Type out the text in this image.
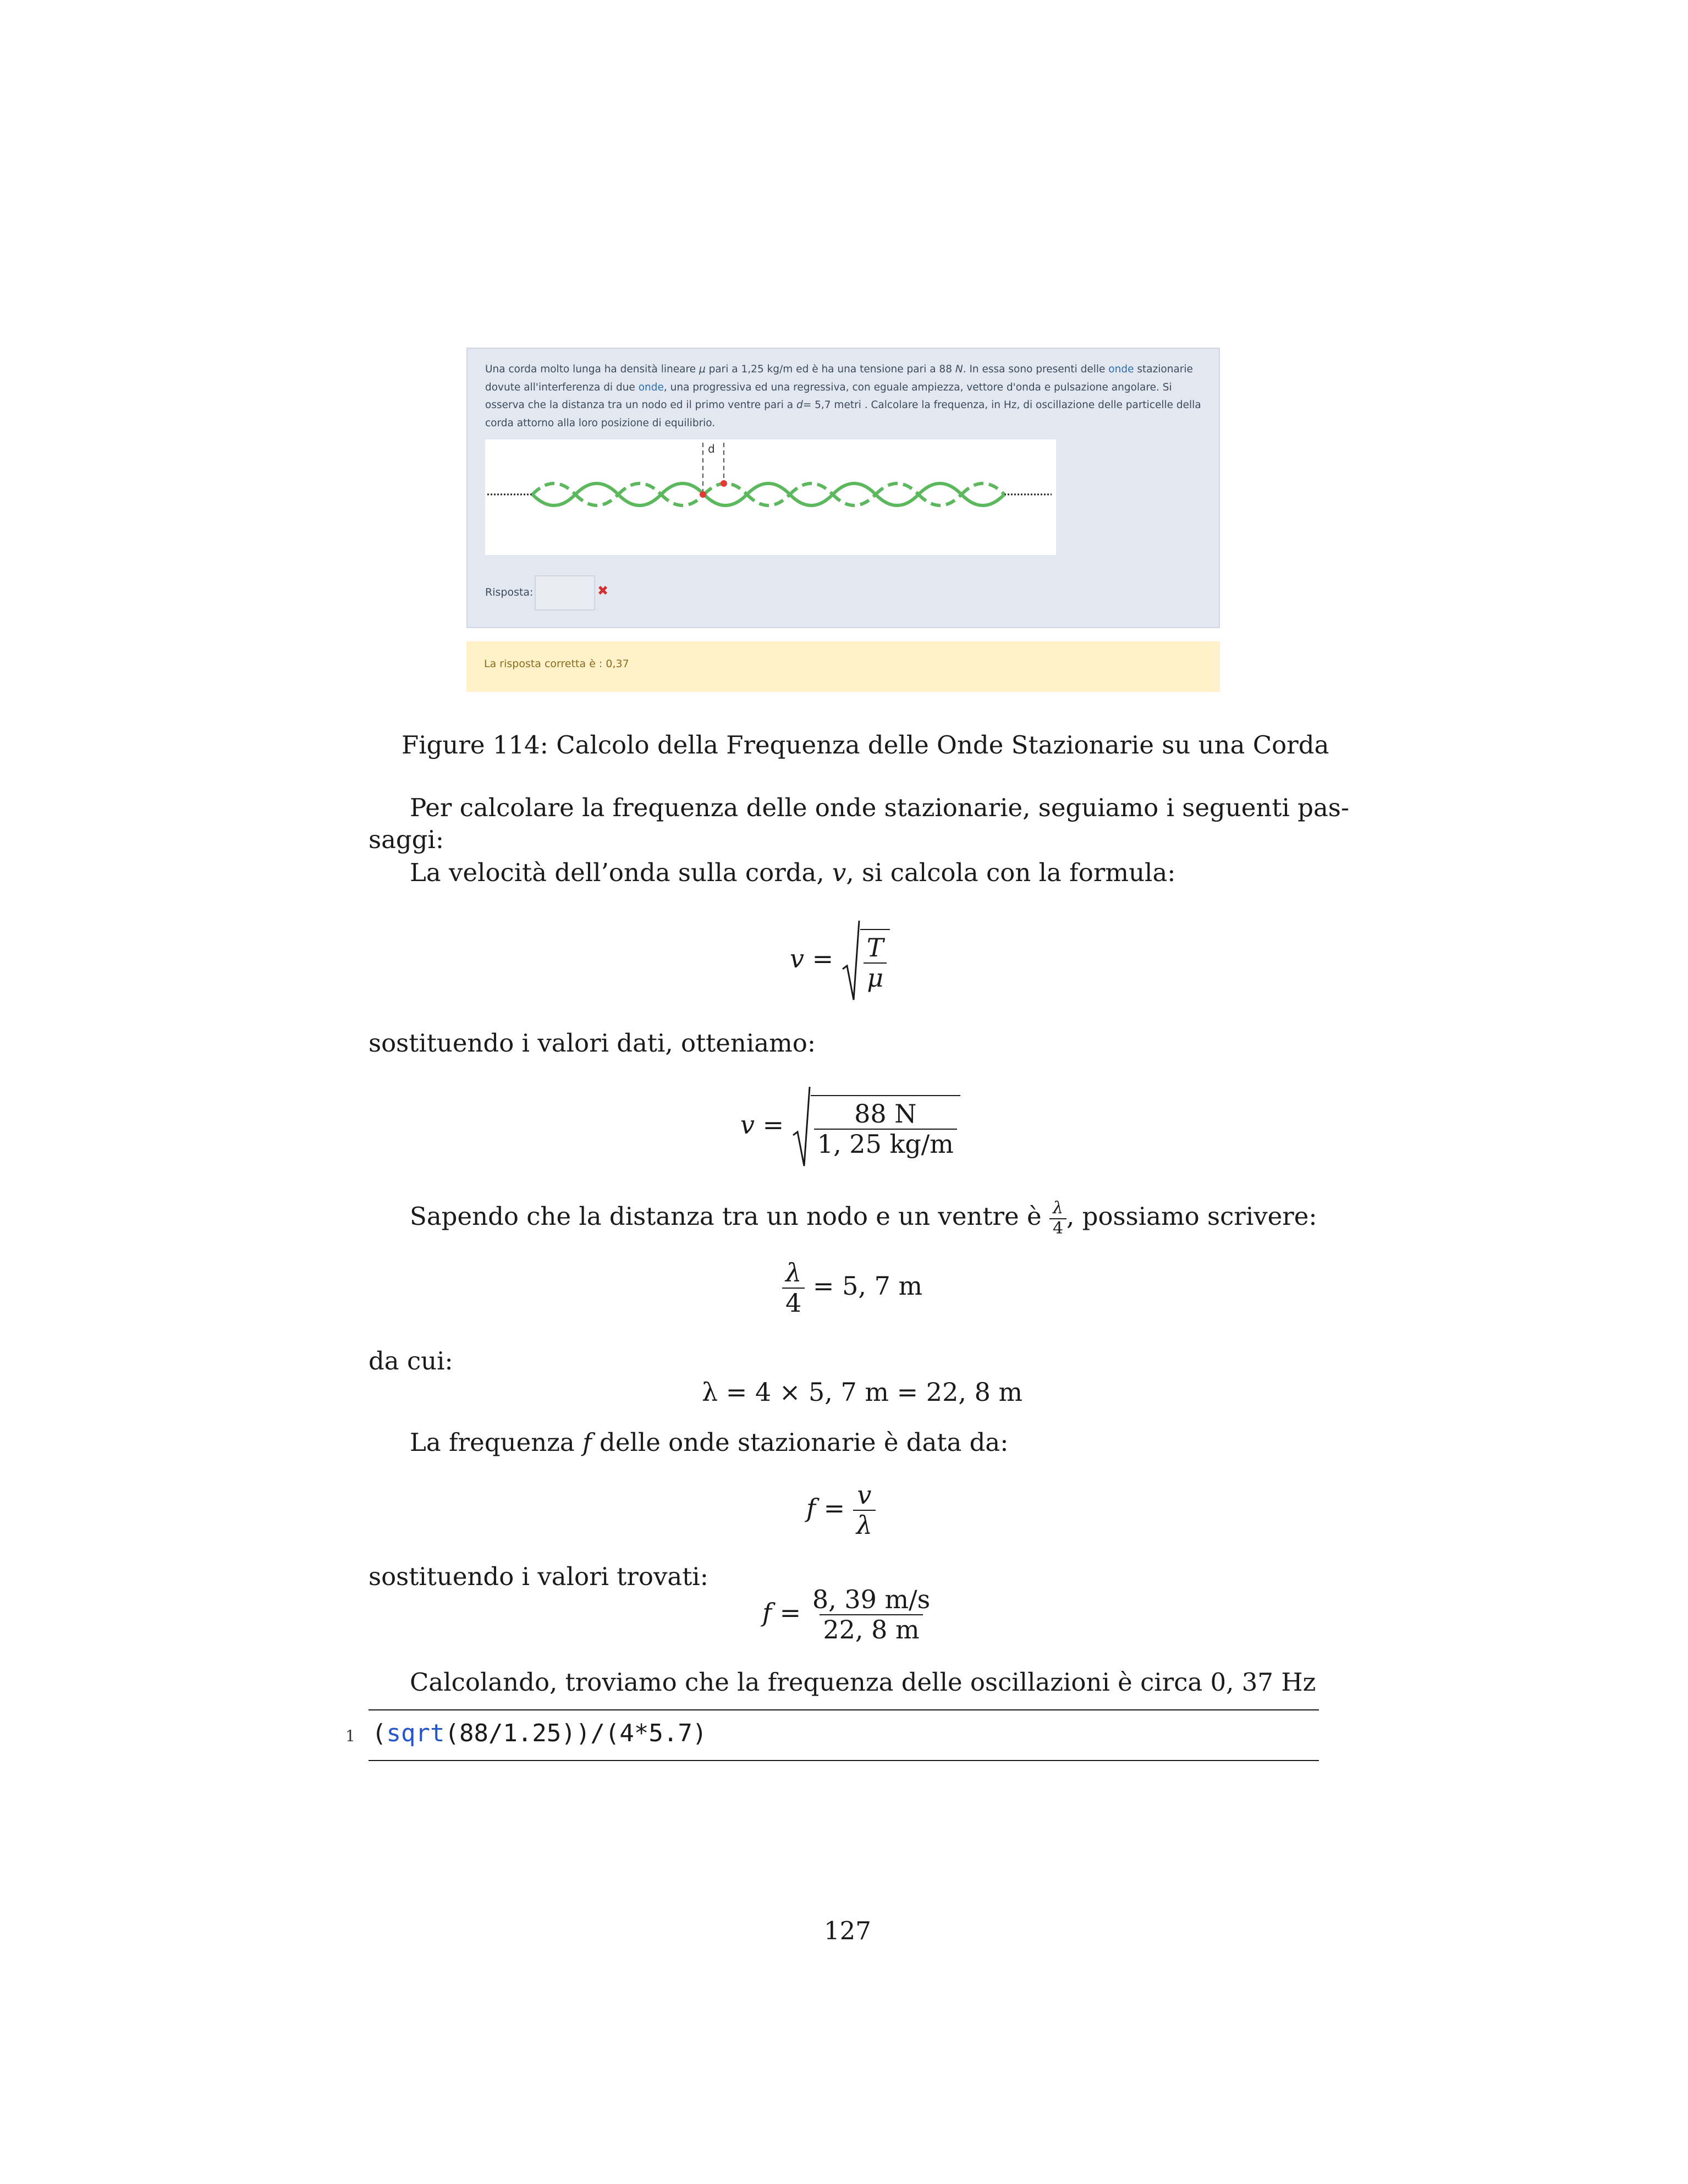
Una corda molto lunga ha densità lineare μ pari a 1,25 kg/m ed è ha una tensione pari a 88 N. In essa sono presenti delle onde stazionarie dovute all'interferenza di due onde, una progressiva ed una regressiva, con eguale ampiezza, vettore d'onda e pulsazione angolare. Si osserva che la distanza tra un nodo ed il primo ventre pari a d= 5,7 metri . Calcolare la frequenza, in Hz, di oscillazione delle particelle della corda attorno alla loro posizione di equilibrio.
d
Risposta:	✖
La risposta corretta è : 0,37
Figure 114: Calcolo della Frequenza delle Onde Stazionarie su una Corda
Per calcolare la frequenza delle onde stazionarie, seguiamo i seguenti pas-
saggi:
La velocità dell’onda sulla corda, v, si calcola con la formula:
$v = \frac{T}{\mu}$
sostituendo i valori dati, otteniamo:
$v = \frac{88 N}{1, 25 kg/m}$
Sapendo che la distanza tra un nodo e un ventre è $\frac{\lambda}{4}$ , possiamo scrivere:
$\frac{\lambda}{4} = 5$, 7 m
da cui:
λ = 4 × 5, 7 m = 22, 8 m
La frequenza f delle onde stazionarie è data da:
$f = \frac{v}{\lambda}$
sostituendo i valori trovati:
$f = \frac{8, 39 m/s}{22, 8 m}$
Calcolando, troviamo che la frequenza delle oscillazioni è circa 0, 37 Hz
1 (sqrt(88/1.25))/(4*5.7)
127
